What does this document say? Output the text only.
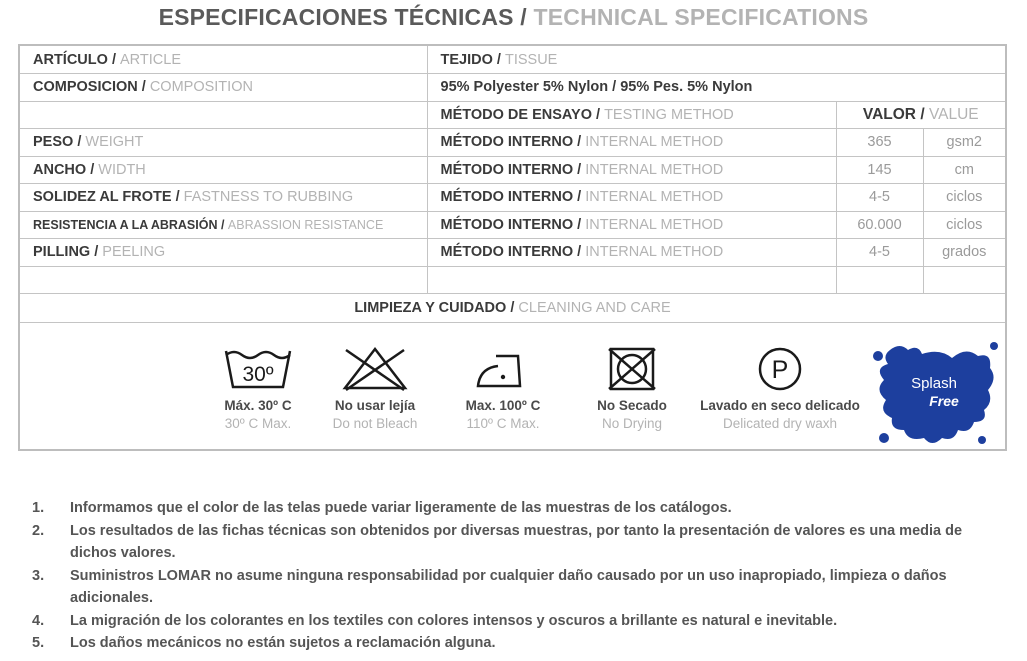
ESPECIFICACIONES TÉCNICAS / TECHNICAL SPECIFICATIONS
ARTÍCULO / ARTICLE	TEJIDO / TISSUE		
COMPOSICION / COMPOSITION	95% Polyester 5% Nylon / 95% Pes. 5% Nylon		
	MÉTODO DE ENSAYO / TESTING METHOD	VALOR / VALUE	
PESO / WEIGHT	MÉTODO INTERNO / INTERNAL METHOD	365	gsm2
ANCHO / WIDTH	MÉTODO INTERNO / INTERNAL METHOD	145	cm
SOLIDEZ AL FROTE / FASTNESS TO RUBBING	MÉTODO INTERNO / INTERNAL METHOD	4-5	ciclos
RESISTENCIA A LA ABRASIÓN / ABRASSION RESISTANCE	MÉTODO INTERNO / INTERNAL METHOD	60.000	ciclos
PILLING / PEELING	MÉTODO INTERNO / INTERNAL METHOD	4-5	grados

LIMPIEZA Y CUIDADO / CLEANING AND CARE			
30º
Máx. 30º C
30º C Max.
No usar lejía
Do not Bleach
Max. 100º C
110º C Max.
No Secado
No Drying
P
Lavado en seco delicado
Delicated dry waxh
Splash
Free
1. Informamos que el color de las telas puede variar ligeramente de las muestras de los catálogos.
2. Los resultados de las fichas técnicas son obtenidos por diversas muestras, por tanto la presentación de valores es una media de dichos valores.
3. Suministros LOMAR no asume ninguna responsabilidad por cualquier daño causado por un uso inapropiado, limpieza o daños adicionales.
4. La migración de los colorantes en los textiles con colores intensos y oscuros a brillante es natural e inevitable.
5. Los daños mecánicos no están sujetos a reclamación alguna.
